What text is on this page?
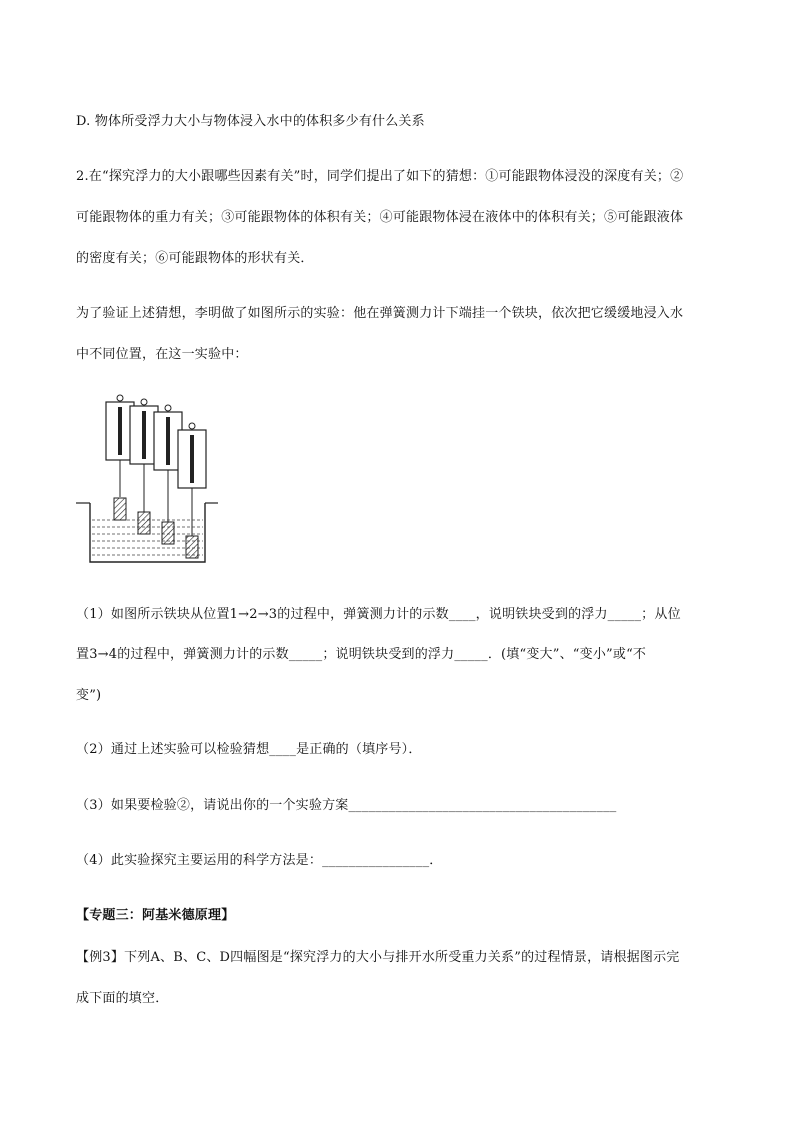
D. 物体所受浮力大小与物体浸入水中的体积多少有什么关系
2.在“探究浮力的大小跟哪些因素有关”时，同学们提出了如下的猜想：①可能跟物体浸没的深度有关；②
可能跟物体的重力有关；③可能跟物体的体积有关；④可能跟物体浸在液体中的体积有关；⑤可能跟液体
的密度有关；⑥可能跟物体的形状有关．
为了验证上述猜想，李明做了如图所示的实验：他在弹簧测力计下端挂一个铁块，依次把它缓缓地浸入水
中不同位置，在这一实验中：
（1）如图所示铁块从位置1→2→3的过程中，弹簧测力计的示数____，说明铁块受到的浮力_____；从位
置3→4的过程中，弹簧测力计的示数_____；说明铁块受到的浮力_____．(填“变大”、“变小”或“不
变”)
（2）通过上述实验可以检验猜想____是正确的（填序号）．
（3）如果要检验②，请说出你的一个实验方案________________________________________
（4）此实验探究主要运用的科学方法是：________________．
【专题三：阿基米德原理】
【例3】下列A、B、C、D四幅图是“探究浮力的大小与排开水所受重力关系”的过程情景，请根据图示完
成下面的填空．
